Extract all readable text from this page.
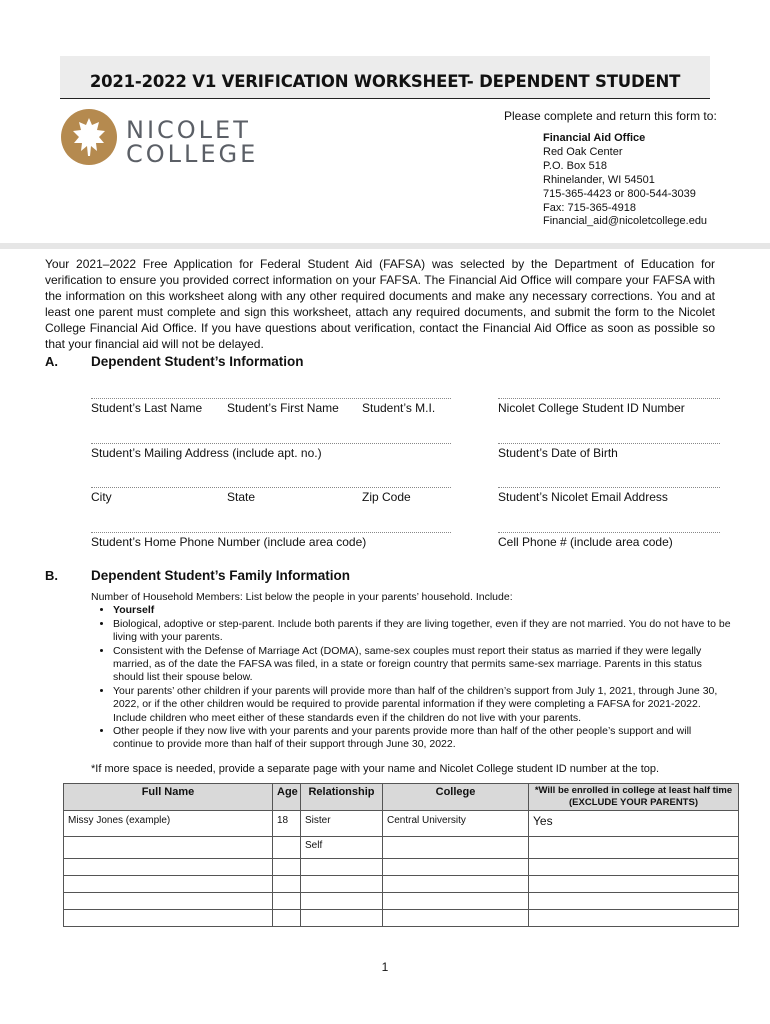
2021-2022 V1 VERIFICATION WORKSHEET- DEPENDENT STUDENT
NICOLET
COLLEGE
Please complete and return this form to:
Financial Aid Office
Red Oak Center
P.O. Box 518
Rhinelander, WI 54501
715-365-4423 or 800-544-3039
Fax: 715-365-4918
Financial_aid@nicoletcollege.edu
Your 2021–2022 Free Application for Federal Student Aid (FAFSA) was selected by the Department of Education for verification to ensure you provided correct information on your FAFSA. The Financial Aid Office will compare your FAFSA with the information on this worksheet along with any other required documents and make any necessary corrections. You and at least one parent must complete and sign this worksheet, attach any required documents, and submit the form to the Nicolet College Financial Aid Office. If you have questions about verification, contact the Financial Aid Office as soon as possible so that your financial aid will not be delayed.
A. Dependent Student’s Information
Student’s Last Name Student’s First Name Student’s M.I.	Nicolet College Student ID Number
Student’s Mailing Address (include apt. no.)	Student’s Date of Birth
City	State	Zip Code	Student’s Nicolet Email Address
Student’s Home Phone Number (include area code)	Cell Phone # (include area code)
B. Dependent Student’s Family Information
Number of Household Members: List below the people in your parents’ household. Include:
• Yourself
• Biological, adoptive or step-parent. Include both parents if they are living together, even if they are not married. You do not have to be living with your parents.
• Consistent with the Defense of Marriage Act (DOMA), same-sex couples must report their status as married if they were legally married, as of the date the FAFSA was filed, in a state or foreign country that permits same-sex marriage. Parents in this status should list their spouse below.
• Your parents’ other children if your parents will provide more than half of the children’s support from July 1, 2021, through June 30, 2022, or if the other children would be required to provide parental information if they were completing a FAFSA for 2021-2022. Include children who meet either of these standards even if the children do not live with your parents.
• Other people if they now live with your parents and your parents provide more than half of the other people’s support and will continue to provide more than half of their support through June 30, 2022.
*If more space is needed, provide a separate page with your name and Nicolet College student ID number at the top.
Full Name	Age	Relationship	College	*Will be enrolled in college at least half time
(EXCLUDE YOUR PARENTS)

Missy Jones (example)	18	Sister	Central University	Yes
		Self		

1
